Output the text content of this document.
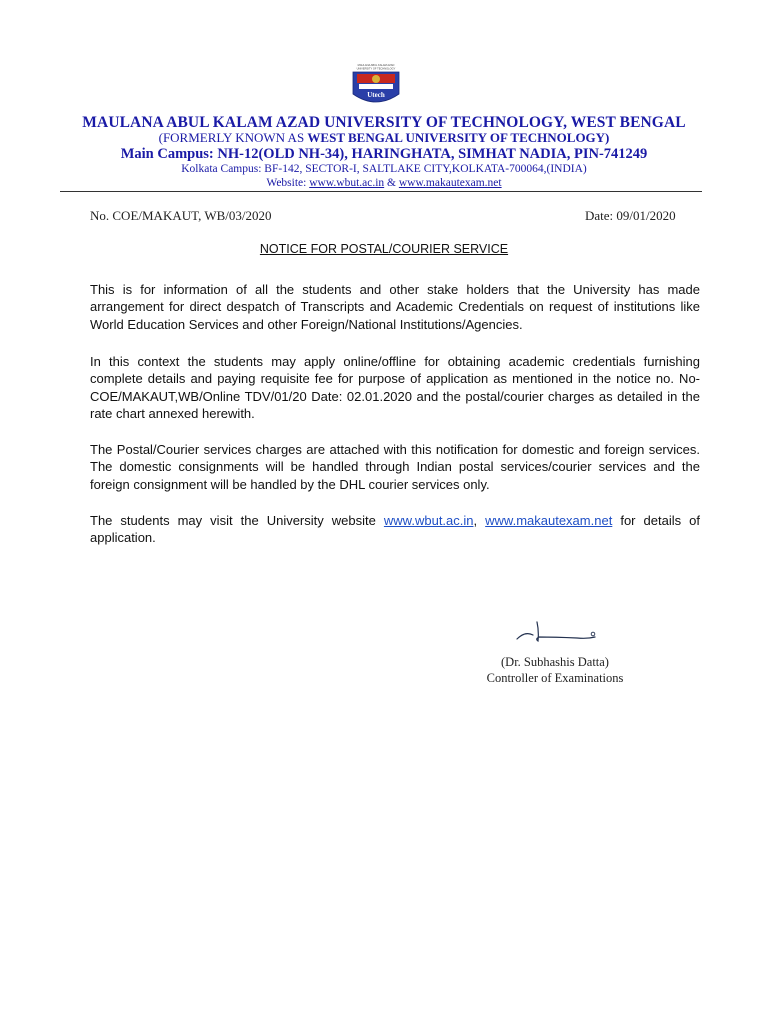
MAULANA ABUL KALAM AZAD
UNIVERSITY OF TECHNOLOGY
Utech
MAULANA ABUL KALAM AZAD UNIVERSITY OF TECHNOLOGY, WEST BENGAL
(FORMERLY KNOWN AS WEST BENGAL UNIVERSITY OF TECHNOLOGY)
Main Campus: NH-12(OLD NH-34), HARINGHATA, SIMHAT NADIA, PIN-741249
Kolkata Campus: BF-142, SECTOR-I, SALTLAKE CITY,KOLKATA-700064,(INDIA)
Website: www.wbut.ac.in & www.makautexam.net
No. COE/MAKAUT, WB/03/2020	Date: 09/01/2020
NOTICE FOR POSTAL/COURIER SERVICE
This is for information of all the students and other stake holders that the University has made arrangement for direct despatch of Transcripts and Academic Credentials on request of institutions like World Education Services and other Foreign/National Institutions/Agencies.
In this context the students may apply online/offline for obtaining academic credentials furnishing complete details and paying requisite fee for purpose of application as mentioned in the notice no. No-COE/MAKAUT,WB/Online TDV/01/20 Date: 02.01.2020 and the postal/courier charges as detailed in the rate chart annexed herewith.
The Postal/Courier services charges are attached with this notification for domestic and foreign services. The domestic consignments will be handled through Indian postal services/courier services and the foreign consignment will be handled by the DHL courier services only.
The students may visit the University website www.wbut.ac.in, www.makautexam.net for details of application.
(Dr. Subhashis Datta)
Controller of Examinations
